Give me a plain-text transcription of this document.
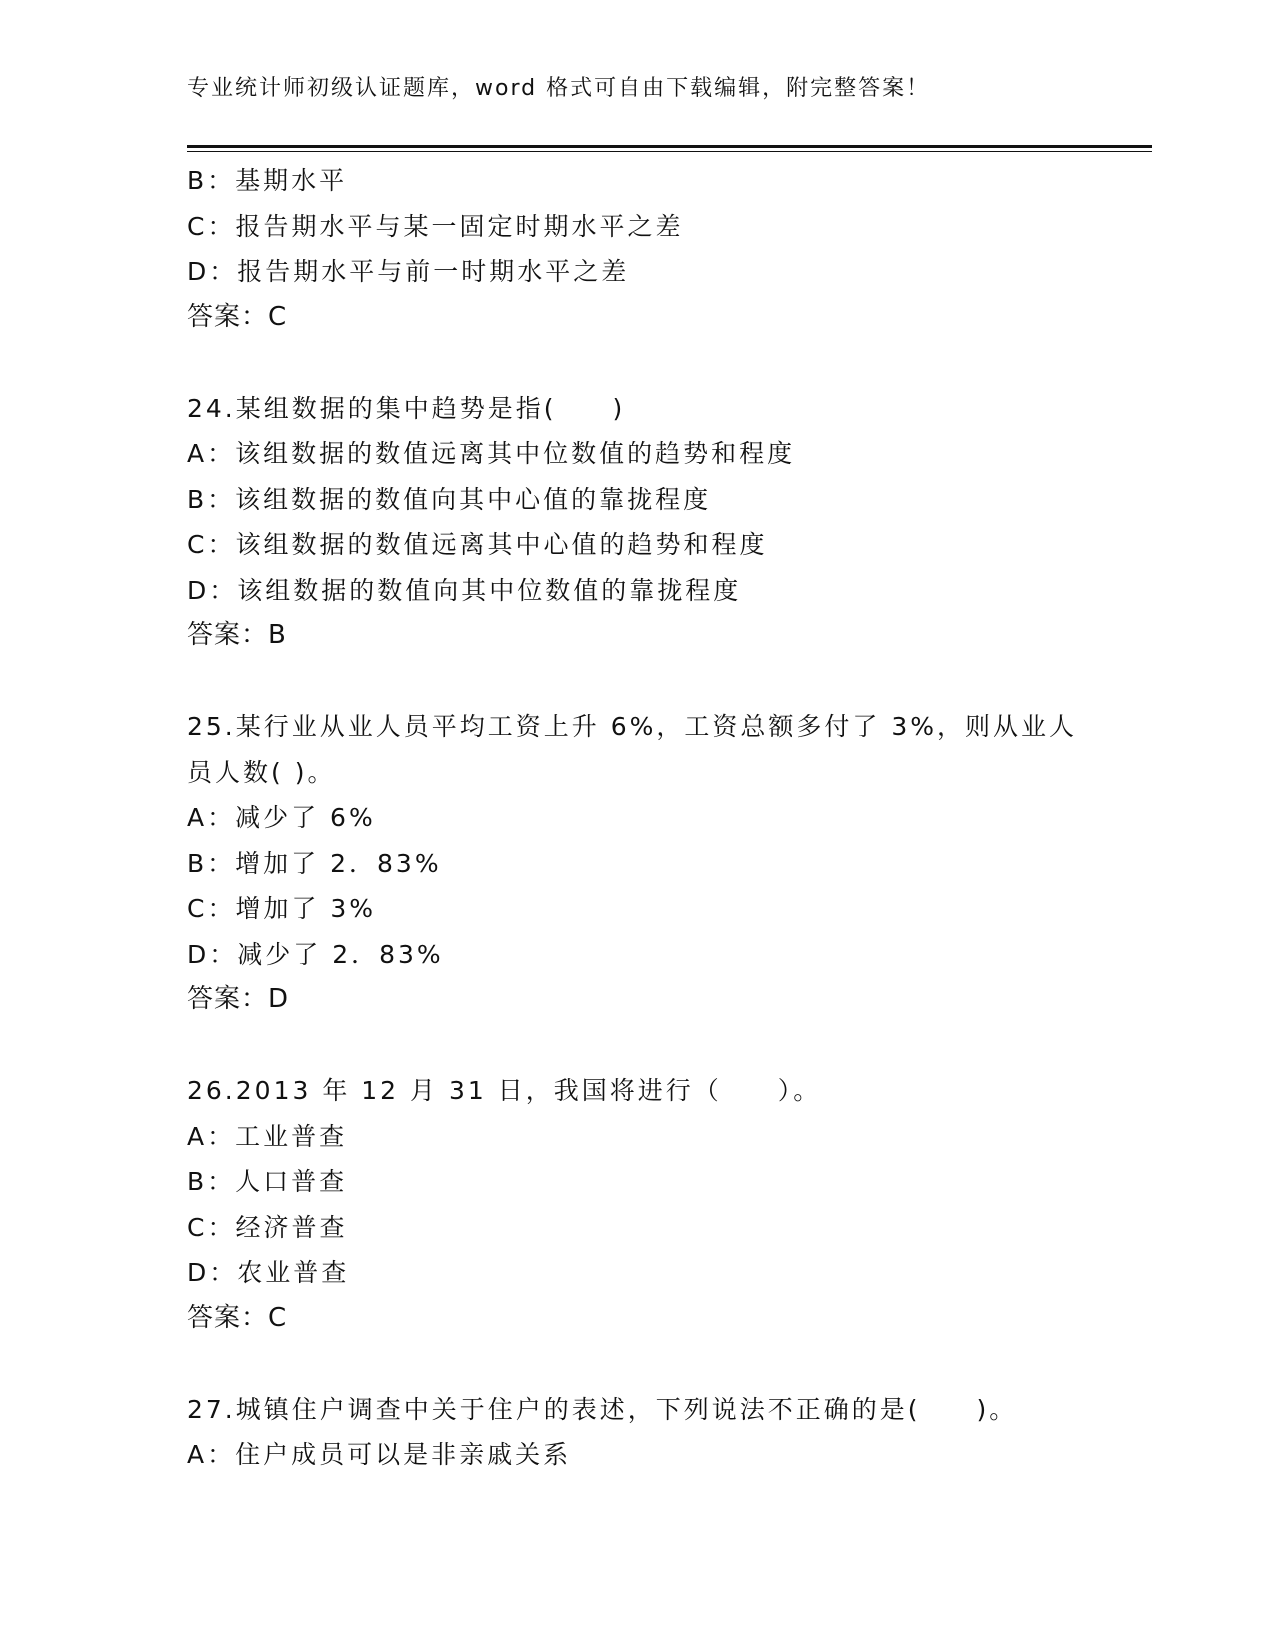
专业统计师初级认证题库，word 格式可自由下载编辑，附完整答案！
B：基期水平
C：报告期水平与某一固定时期水平之差
D：报告期水平与前一时期水平之差
答案：C
24.某组数据的集中趋势是指(　　)
A：该组数据的数值远离其中位数值的趋势和程度
B：该组数据的数值向其中心值的靠拢程度
C：该组数据的数值远离其中心值的趋势和程度
D：该组数据的数值向其中位数值的靠拢程度
答案：B
25.某行业从业人员平均工资上升 6%，工资总额多付了 3%，则从业人
员人数( )。
A：减少了 6%
B：增加了 2．83%
C：增加了 3%
D：减少了 2．83%
答案：D
26.2013 年 12 月 31 日，我国将进行（　　）。
A：工业普查
B：人口普查
C：经济普查
D：农业普查
答案：C
27.城镇住户调查中关于住户的表述，下列说法不正确的是(　　)。
A：住户成员可以是非亲戚关系
